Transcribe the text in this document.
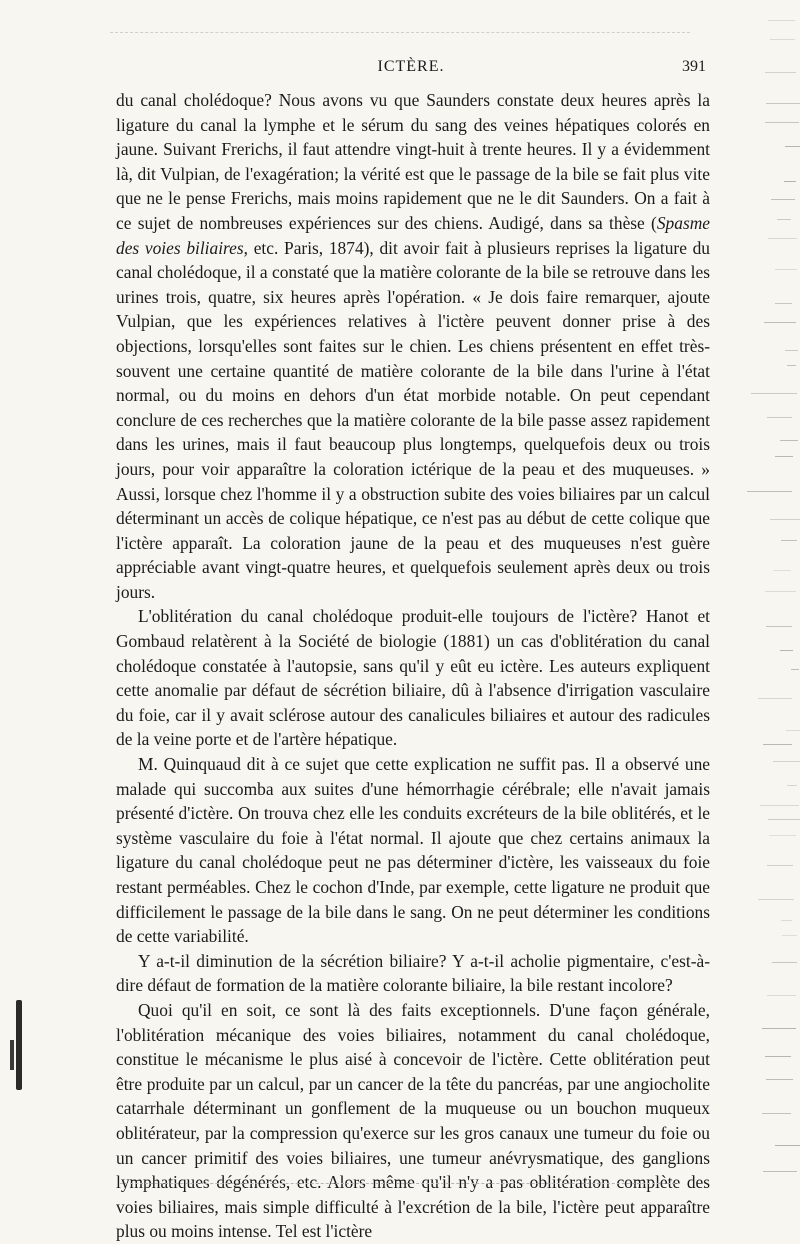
ICTÈRE.	391

du canal cholédoque? Nous avons vu que Saunders constate deux heures après la ligature du canal la lymphe et le sérum du sang des veines hépatiques colorés en jaune. Suivant Frerichs, il faut attendre vingt-huit à trente heures. Il y a évidemment là, dit Vulpian, de l'exagération; la vérité est que le passage de la bile se fait plus vite que ne le pense Frerichs, mais moins rapidement que ne le dit Saunders. On a fait à ce sujet de nombreuses expériences sur des chiens. Audigé, dans sa thèse (Spasme des voies biliaires, etc. Paris, 1874), dit avoir fait à plusieurs reprises la ligature du canal cholédoque, il a constaté que la matière colorante de la bile se retrouve dans les urines trois, quatre, six heures après l'opération. « Je dois faire remarquer, ajoute Vulpian, que les expériences relatives à l'ictère peuvent donner prise à des objections, lorsqu'elles sont faites sur le chien. Les chiens présentent en effet très-souvent une certaine quantité de matière colorante de la bile dans l'urine à l'état normal, ou du moins en dehors d'un état morbide notable. On peut cependant conclure de ces recherches que la matière colorante de la bile passe assez rapidement dans les urines, mais il faut beaucoup plus longtemps, quelquefois deux ou trois jours, pour voir apparaître la coloration ictérique de la peau et des muqueuses. » Aussi, lorsque chez l'homme il y a obstruction subite des voies biliaires par un calcul déterminant un accès de colique hépatique, ce n'est pas au début de cette colique que l'ictère apparaît. La coloration jaune de la peau et des muqueuses n'est guère appréciable avant vingt-quatre heures, et quelquefois seulement après deux ou trois jours.

L'oblitération du canal cholédoque produit-elle toujours de l'ictère? Hanot et Gombaud relatèrent à la Société de biologie (1881) un cas d'oblitération du canal cholédoque constatée à l'autopsie, sans qu'il y eût eu ictère. Les auteurs expliquent cette anomalie par défaut de sécrétion biliaire, dû à l'absence d'irrigation vasculaire du foie, car il y avait sclérose autour des canalicules biliaires et autour des radicules de la veine porte et de l'artère hépatique.

M. Quinquaud dit à ce sujet que cette explication ne suffit pas. Il a observé une malade qui succomba aux suites d'une hémorrhagie cérébrale; elle n'avait jamais présenté d'ictère. On trouva chez elle les conduits excréteurs de la bile oblitérés, et le système vasculaire du foie à l'état normal. Il ajoute que chez certains animaux la ligature du canal cholédoque peut ne pas déterminer d'ictère, les vaisseaux du foie restant perméables. Chez le cochon d'Inde, par exemple, cette ligature ne produit que difficilement le passage de la bile dans le sang. On ne peut déterminer les conditions de cette variabilité.

Y a-t-il diminution de la sécrétion biliaire? Y a-t-il acholie pigmentaire, c'est-à-dire défaut de formation de la matière colorante biliaire, la bile restant incolore?

Quoi qu'il en soit, ce sont là des faits exceptionnels. D'une façon générale, l'oblitération mécanique des voies biliaires, notamment du canal cholédoque, constitue le mécanisme le plus aisé à concevoir de l'ictère. Cette oblitération peut être produite par un calcul, par un cancer de la tête du pancréas, par une angiocholite catarrhale déterminant un gonflement de la muqueuse ou un bouchon muqueux oblitérateur, par la compression qu'exerce sur les gros canaux une tumeur du foie ou un cancer primitif des voies biliaires, une tumeur anévrysmatique, des ganglions lymphatiques dégénérés, etc. Alors même qu'il n'y a pas oblitération complète des voies biliaires, mais simple difficulté à l'excrétion de la bile, l'ictère peut apparaître plus ou moins intense. Tel est l'ictère
